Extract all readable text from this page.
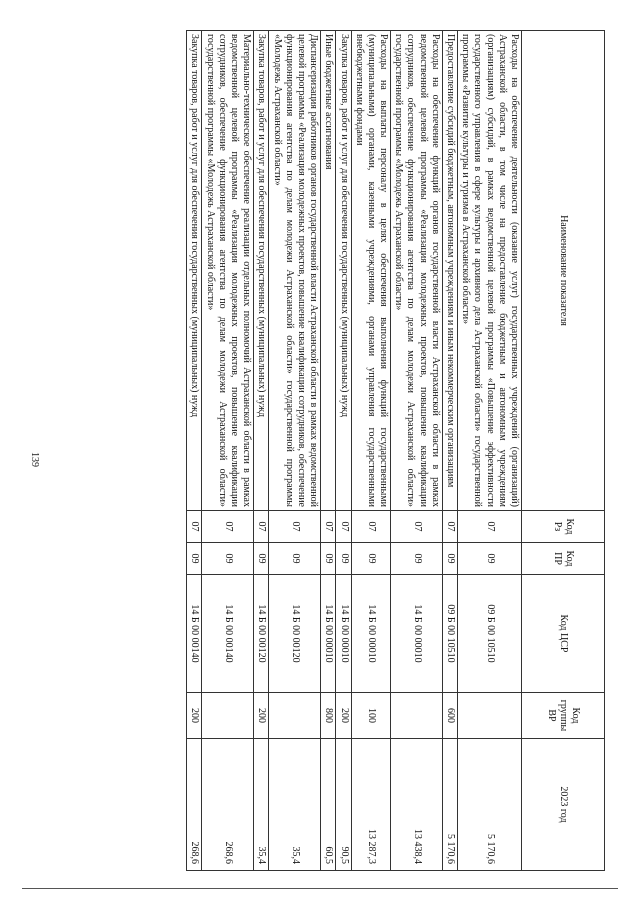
139
Наименование показателя	Код Рз	Код ПР	Код ЦСР	Код группы ВР	2023 год
Расходы на обеспечение деятельности (оказание услуг) государственных учреждений (организаций) Астраханской области, в том числе на предоставление бюджетным и автономным учреждениям (организациям) субсидий, в рамках ведомственной целевой программы «Повышение эффективности государственного управления в сфере культуры и архивного дела Астраханской области» государственной программы «Развитие культуры и туризма в Астраханской области»	07	09	09 Б 00 10510		5 170,6
Предоставление субсидий бюджетным, автономным учреждениям и иным некоммерческим организациям	07	09	09 Б 00 10510	600	5 170,6
Расходы на обеспечение функций органов государственной власти Астраханской области в рамках ведомственной целевой программы «Реализация молодежных проектов, повышение квалификации сотрудников, обеспечение функционирования агентства по делам молодежи Астраханской области» государственной программы «Молодежь Астраханской области»	07	09	14 Б 00 00010		13 438,4
Расходы на выплаты персоналу в целях обеспечения выполнения функций государственными (муниципальными) органами, казенными учреждениями, органами управления государственными внебюджетными фондами	07	09	14 Б 00 00010	100	13 287,3
Закупка товаров, работ и услуг для обеспечения государственных (муниципальных) нужд	07	09	14 Б 00 00010	200	90,5
Иные бюджетные ассигнования	07	09	14 Б 00 00010	800	60,5
Диспансеризация работников органов государственной власти Астраханской области в рамках ведомственной целевой программы «Реализация молодежных проектов, повышение квалификации сотрудников, обеспечение функционирования агентства по делам молодежи Астраханской области» государственной программы «Молодежь Астраханской области»	07	09	14 Б 00 00120		35,4
Закупка товаров, работ и услуг для обеспечения государственных (муниципальных) нужд	07	09	14 Б 00 00120	200	35,4
Материально-техническое обеспечение реализации отдельных полномочий Астраханской области в рамках ведомственной целевой программы «Реализация молодежных проектов, повышение квалификации сотрудников, обеспечение функционирования агентства по делам молодежи Астраханской области» государственной программы «Молодежь Астраханской области»	07	09	14 Б 00 00140		268,6
Закупка товаров, работ и услуг для обеспечения государственных (муниципальных) нужд	07	09	14 Б 00 00140	200	268,6
